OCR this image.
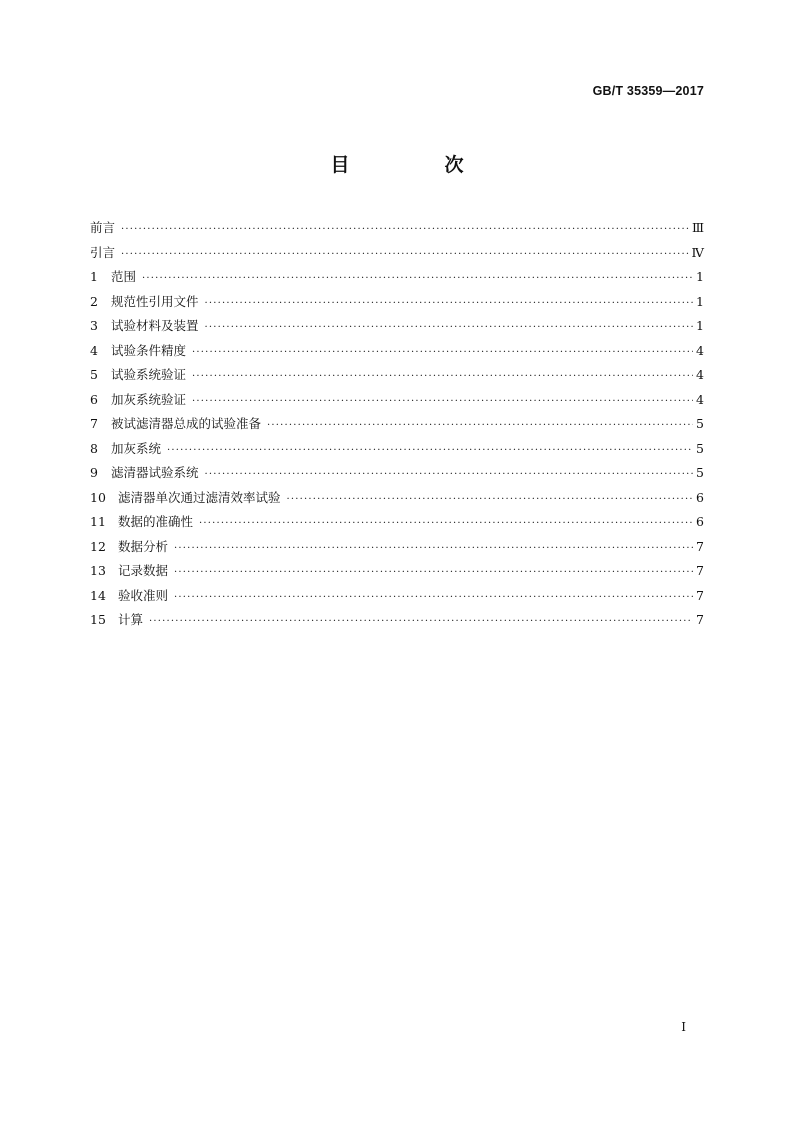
GB/T 35359—2017
目　次
前言 ·····	Ⅲ
引言 ·····	Ⅳ
1	范围 ·····	1
2	规范性引用文件 ·····	1
3	试验材料及装置 ·····	1
4	试验条件精度 ·····	4
5	试验系统验证 ·····	4
6	加灰系统验证 ·····	4
7	被试滤清器总成的试验准备 ·····	5
8	加灰系统 ·····	5
9	滤清器试验系统 ·····	5
10 滤清器单次通过滤清效率试验 ·····	6
11 数据的准确性 ·····	6
12 数据分析 ·····	7
13 记录数据 ·····	7
14 验收准则 ·····	7
15 计算 ·····	7
Ⅰ
